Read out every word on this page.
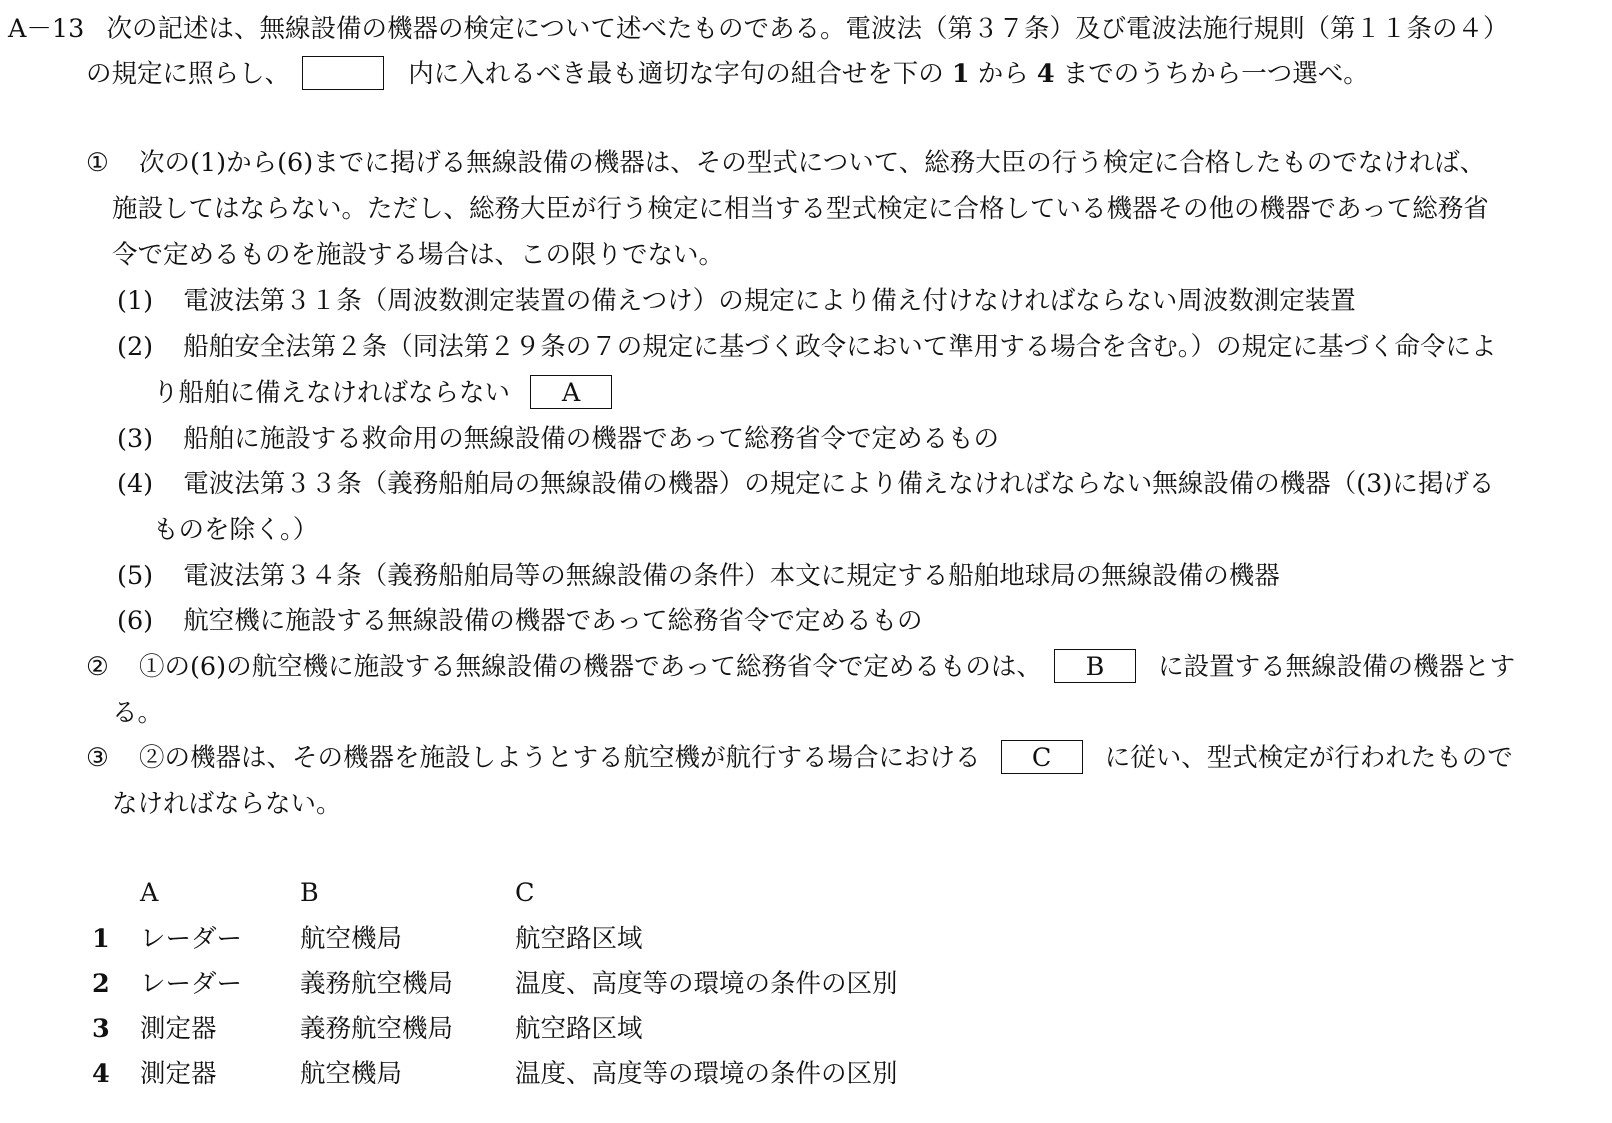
A－13 次の記述は、無線設備の機器の検定について述べたものである。電波法（第３７条）及び電波法施行規則（第１１条の４）
の規定に照らし、	内に入れるべき最も適切な字句の組合せを下の 1 から 4 までのうちから一つ選べ。
① 次の(1)から(6)までに掲げる無線設備の機器は、その型式について、総務大臣の行う検定に合格したものでなければ、
施設してはならない。ただし、総務大臣が行う検定に相当する型式検定に合格している機器その他の機器であって総務省
令で定めるものを施設する場合は、この限りでない。
(1) 電波法第３１条（周波数測定装置の備えつけ）の規定により備え付けなければならない周波数測定装置
(2) 船舶安全法第２条（同法第２９条の７の規定に基づく政令において準用する場合を含む。）の規定に基づく命令によ
り船舶に備えなければならない A
(3) 船舶に施設する救命用の無線設備の機器であって総務省令で定めるもの
(4) 電波法第３３条（義務船舶局の無線設備の機器）の規定により備えなければならない無線設備の機器（(3)に掲げる
ものを除く。）
(5) 電波法第３４条（義務船舶局等の無線設備の条件）本文に規定する船舶地球局の無線設備の機器
(6) 航空機に施設する無線設備の機器であって総務省令で定めるもの
② ①の(6)の航空機に施設する無線設備の機器であって総務省令で定めるものは、 B に設置する無線設備の機器とす
る。
③ ②の機器は、その機器を施設しようとする航空機が航行する場合における C に従い、型式検定が行われたもので
なければならない。
A	B	C
1 レーダー 航空機局	航空路区域
2 レーダー 義務航空機局 温度、高度等の環境の条件の区別
3 測定器	義務航空機局 航空路区域
4 測定器	航空機局	温度、高度等の環境の条件の区別
